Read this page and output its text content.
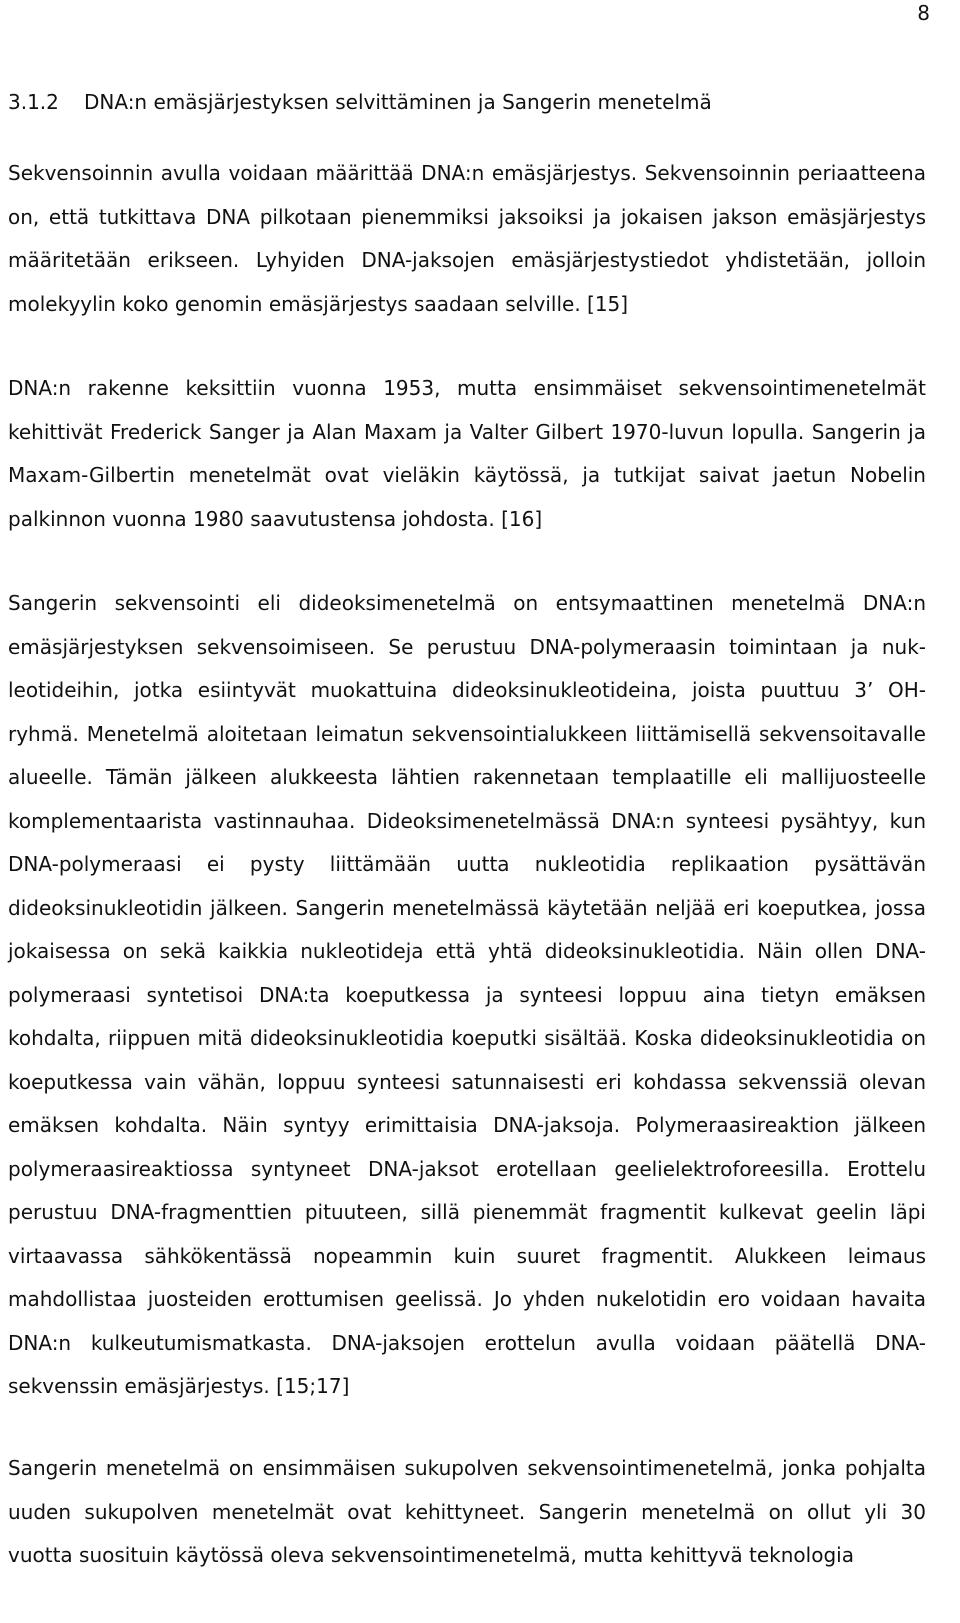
8
3.1.2 DNA:n emäsjärjestyksen selvittäminen ja Sangerin menetelmä

Sekvensoinnin avulla voidaan määrittää DNA:n emäsjärjestys. Sekvensoinnin periaatteena on, että tutkittava DNA pilkotaan pienemmiksi jaksoiksi ja jokaisen jakson emäsjärjestys määritetään erikseen. Lyhyiden DNA-jaksojen emäsjärjestystiedot yhdistetään, jolloin molekyylin koko genomin emäsjärjestys saadaan selville. [15]

DNA:n rakenne keksittiin vuonna 1953, mutta ensimmäiset sekvensointimenetelmät kehittivät Frederick Sanger ja Alan Maxam ja Valter Gilbert 1970-luvun lopulla. Sangerin ja Maxam-Gilbertin menetelmät ovat vieläkin käytössä, ja tutkijat saivat jaetun Nobelin palkinnon vuonna 1980 saavutustensa johdosta. [16]

Sangerin sekvensointi eli dideoksimenetelmä on entsymaattinen menetelmä DNA:n emäsjärjestyksen sekvensoimiseen. Se perustuu DNA-polymeraasin toimintaan ja nukleotideihin, jotka esiintyvät muokattuina dideoksinukleotideina, joista puuttuu 3’ OH-ryhmä. Menetelmä aloitetaan leimatun sekvensointialukkeen liittämisellä sekvensoitavalle alueelle. Tämän jälkeen alukkeesta lähtien rakennetaan templaatille eli mallijuosteelle komplementaarista vastinnauhaa. Dideoksimenetelmässä DNA:n synteesi pysähtyy, kun DNA-polymeraasi ei pysty liittämään uutta nukleotidia replikaation pysättävän dideoksinukleotidin jälkeen. Sangerin menetelmässä käytetään neljää eri koeputkea, jossa jokaisessa on sekä kaikkia nukleotideja että yhtä dideoksinukleotidia. Näin ollen DNA-polymeraasi syntetisoi DNA:ta koeputkessa ja synteesi loppuu aina tietyn emäksen kohdalta, riippuen mitä dideoksinukleotidia koeputki sisältää. Koska dideoksinukleotidia on koeputkessa vain vähän, loppuu synteesi satunnaisesti eri kohdassa sekvenssiä olevan emäksen kohdalta. Näin syntyy erimittaisia DNA-jaksoja. Polymeraasireaktion jälkeen polymeraasireaktiossa syntyneet DNA-jaksot erotellaan geelielektroforeesilla. Erottelu perustuu DNA-fragmenttien pituuteen, sillä pienemmät fragmentit kulkevat geelin läpi virtaavassa sähkökentässä nopeammin kuin suuret fragmentit. Alukkeen leimaus mahdollistaa juosteiden erottumisen geelissä. Jo yhden nukelotidin ero voidaan havaita DNA:n kulkeutumismatkasta. DNA-jaksojen erottelun avulla voidaan päätellä DNA-sekvenssin emäsjärjestys. [15;17]

Sangerin menetelmä on ensimmäisen sukupolven sekvensointimenetelmä, jonka pohjalta uuden sukupolven menetelmät ovat kehittyneet. Sangerin menetelmä on ollut yli 30 vuotta suosituin käytössä oleva sekvensointimenetelmä, mutta kehittyvä teknologia
